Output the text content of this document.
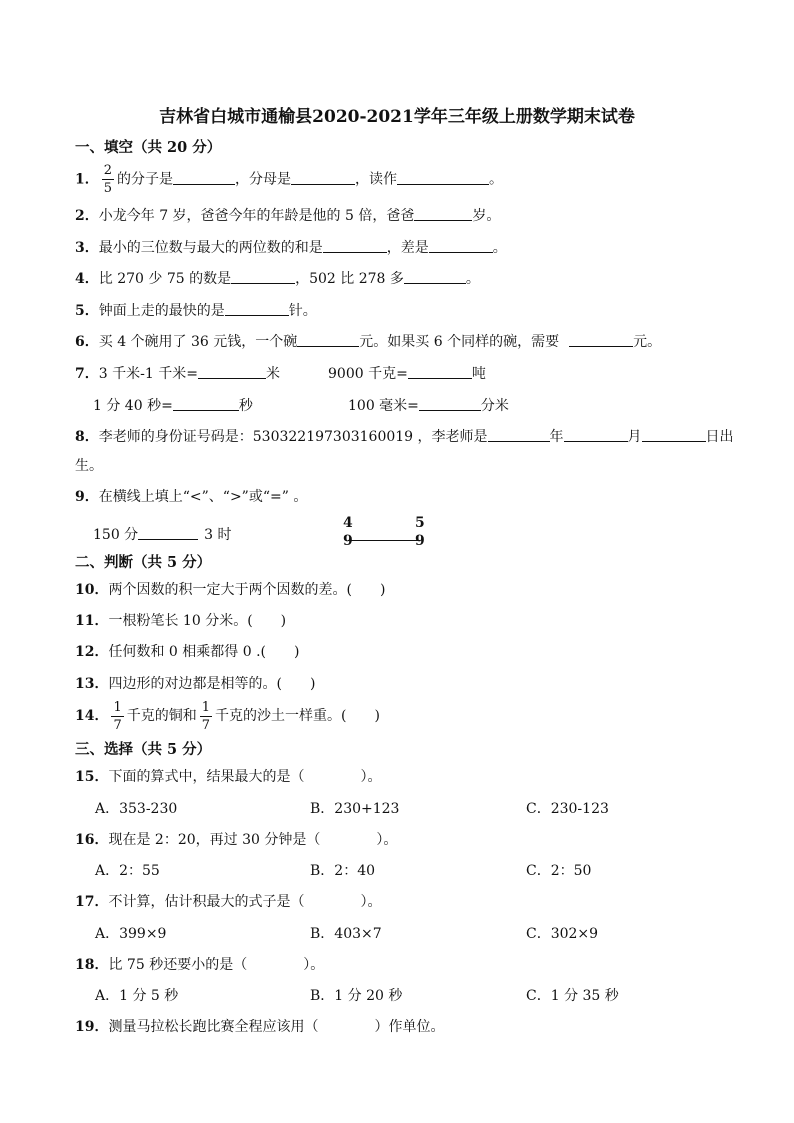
吉林省白城市通榆县2020-2021学年三年级上册数学期末试卷
一、填空（共 20 分）
1． $\frac{2}{5}$ 的分子是	，分母是	，读作	。
2．小龙今年 7 岁，爸爸今年的年龄是他的 5 倍，爸爸	岁。
3．最小的三位数与最大的两位数的和是	，差是	。
4．比 270 少 75 的数是	，502 比 278 多	。
5．钟面上走的最快的是	针。
6．买 4 个碗用了 36 元钱，一个碗	元。如果买 6 个同样的碗，需要	元。
7．3 千米-1 千米=	米	9000 千克=	吨
1 分 40 秒=	秒	100 毫米=	分米
8．李老师的身份证号码是：530322197303160019 ，李老师是	年	月	日出
生。
9．在横线上填上“<”、“>”或“=” 。
150 分	3 时
4
9
5
9
二、判断（共 5 分）
10．两个因数的积一定大于两个因数的差。(　　)
11．一根粉笔长 10 分米。(　　)
12．任何数和 0 相乘都得 0 .(　　)
13．四边形的对边都是相等的。(　　)
14． $\frac{1}{7}$ 千克的铜和 $\frac{1}{7}$ 千克的沙土一样重。(　　)
三、选择（共 5 分）
15．下面的算式中，结果最大的是（　　　　）。
A．353-230	B．230+123	C．230-123
16．现在是 2：20，再过 30 分钟是（　　　　）。
A．2：55	B．2：40	C．2：50
17．不计算，估计积最大的式子是（　　　　）。
A．399×9	B．403×7	C．302×9
18．比 75 秒还要小的是（　　　　）。
A．1 分 5 秒	B．1 分 20 秒	C．1 分 35 秒
19．测量马拉松长跑比赛全程应该用（　　　　）作单位。
